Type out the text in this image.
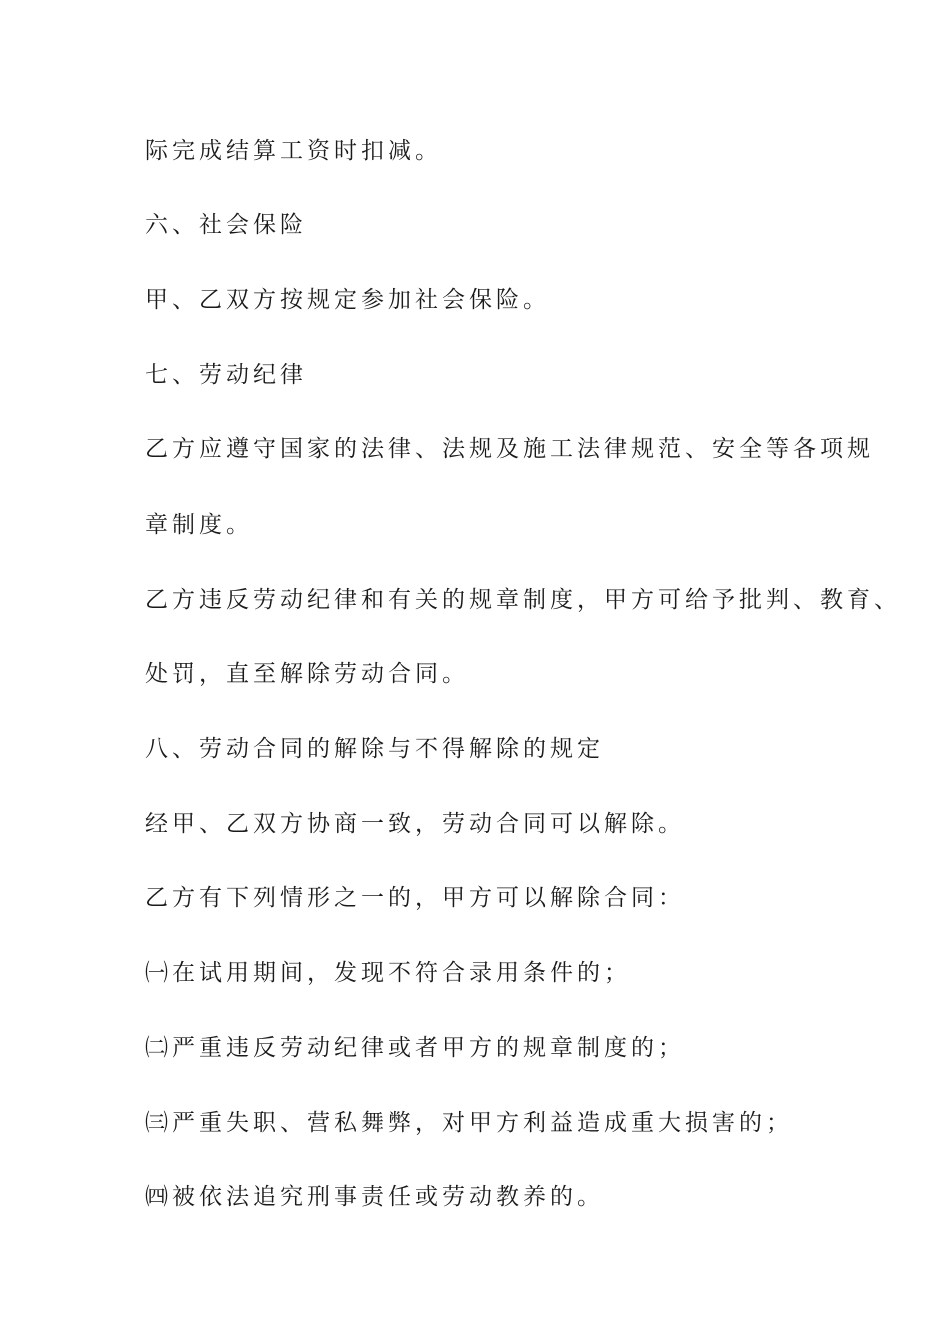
际完成结算工资时扣减。
六、社会保险
甲、乙双方按规定参加社会保险。
七、劳动纪律
乙方应遵守国家的法律、法规及施工法律规范、安全等各项规
章制度。
乙方违反劳动纪律和有关的规章制度，甲方可给予批判、教育、
处罚，直至解除劳动合同。
八、劳动合同的解除与不得解除的规定
经甲、乙双方协商一致，劳动合同可以解除。
乙方有下列情形之一的，甲方可以解除合同：
㈠在试用期间，发现不符合录用条件的；
㈡严重违反劳动纪律或者甲方的规章制度的；
㈢严重失职、营私舞弊，对甲方利益造成重大损害的；
㈣被依法追究刑事责任或劳动教养的。
